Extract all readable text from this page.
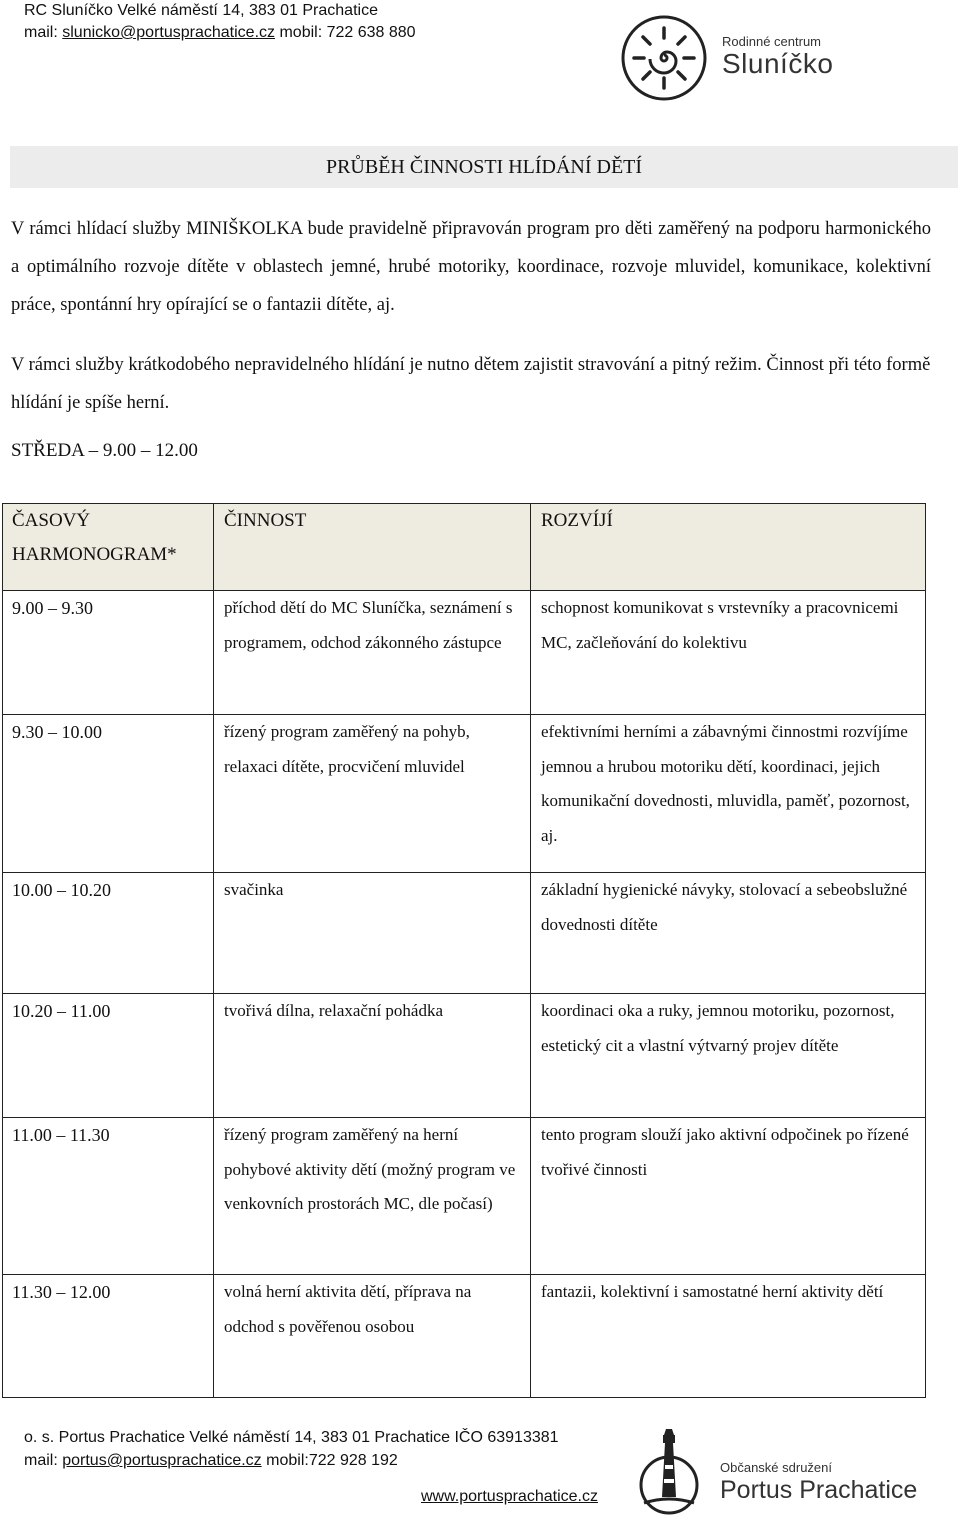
RC Sluníčko Velké náměstí 14, 383 01 Prachatice
mail: slunicko@portusprachatice.cz mobil: 722 638 880
Rodinné centrum
Sluníčko
PRŮBĚH ČINNOSTI HLÍDÁNÍ DĚTÍ
V rámci hlídací služby MINIŠKOLKA bude pravidelně připravován program pro děti zaměřený na podporu harmonického a optimálního rozvoje dítěte v oblastech jemné, hrubé motoriky, koordinace, rozvoje mluvidel, komunikace, kolektivní práce, spontánní hry opírající se o fantazii dítěte, aj.
V rámci služby krátkodobého nepravidelného hlídání je nutno dětem zajistit stravování a pitný režim. Činnost při této formě hlídání je spíše herní.
STŘEDA – 9.00 – 12.00
ČASOVÝ HARMONOGRAM*	ČINNOST	ROZVÍJÍ
9.00 – 9.30	příchod dětí do MC Sluníčka, seznámení s programem, odchod zákonného zástupce	schopnost komunikovat s vrstevníky a pracovnicemi MC, začleňování do kolektivu
9.30 – 10.00	řízený program zaměřený na pohyb, relaxaci dítěte, procvičení mluvidel	efektivními herními a zábavnými činnostmi rozvíjíme jemnou a hrubou motoriku dětí, koordinaci, jejich komunikační dovednosti, mluvidla, paměť, pozornost, aj.
10.00 – 10.20	svačinka	základní hygienické návyky, stolovací a sebeobslužné dovednosti dítěte
10.20 – 11.00	tvořivá dílna, relaxační pohádka	koordinaci oka a ruky, jemnou motoriku, pozornost, estetický cit a vlastní výtvarný projev dítěte
11.00 – 11.30	řízený program zaměřený na herní pohybové aktivity dětí (možný program ve venkovních prostorách MC, dle počasí)	tento program slouží jako aktivní odpočinek po řízené tvořivé činnosti
11.30 – 12.00	volná herní aktivita dětí, příprava na odchod s pověřenou osobou	fantazii, kolektivní i samostatné herní aktivity dětí
o. s. Portus Prachatice Velké náměstí 14, 383 01 Prachatice IČO 63913381
mail: portus@portusprachatice.cz mobil:722 928 192
www.portusprachatice.cz
Občanské sdružení
Portus Prachatice
